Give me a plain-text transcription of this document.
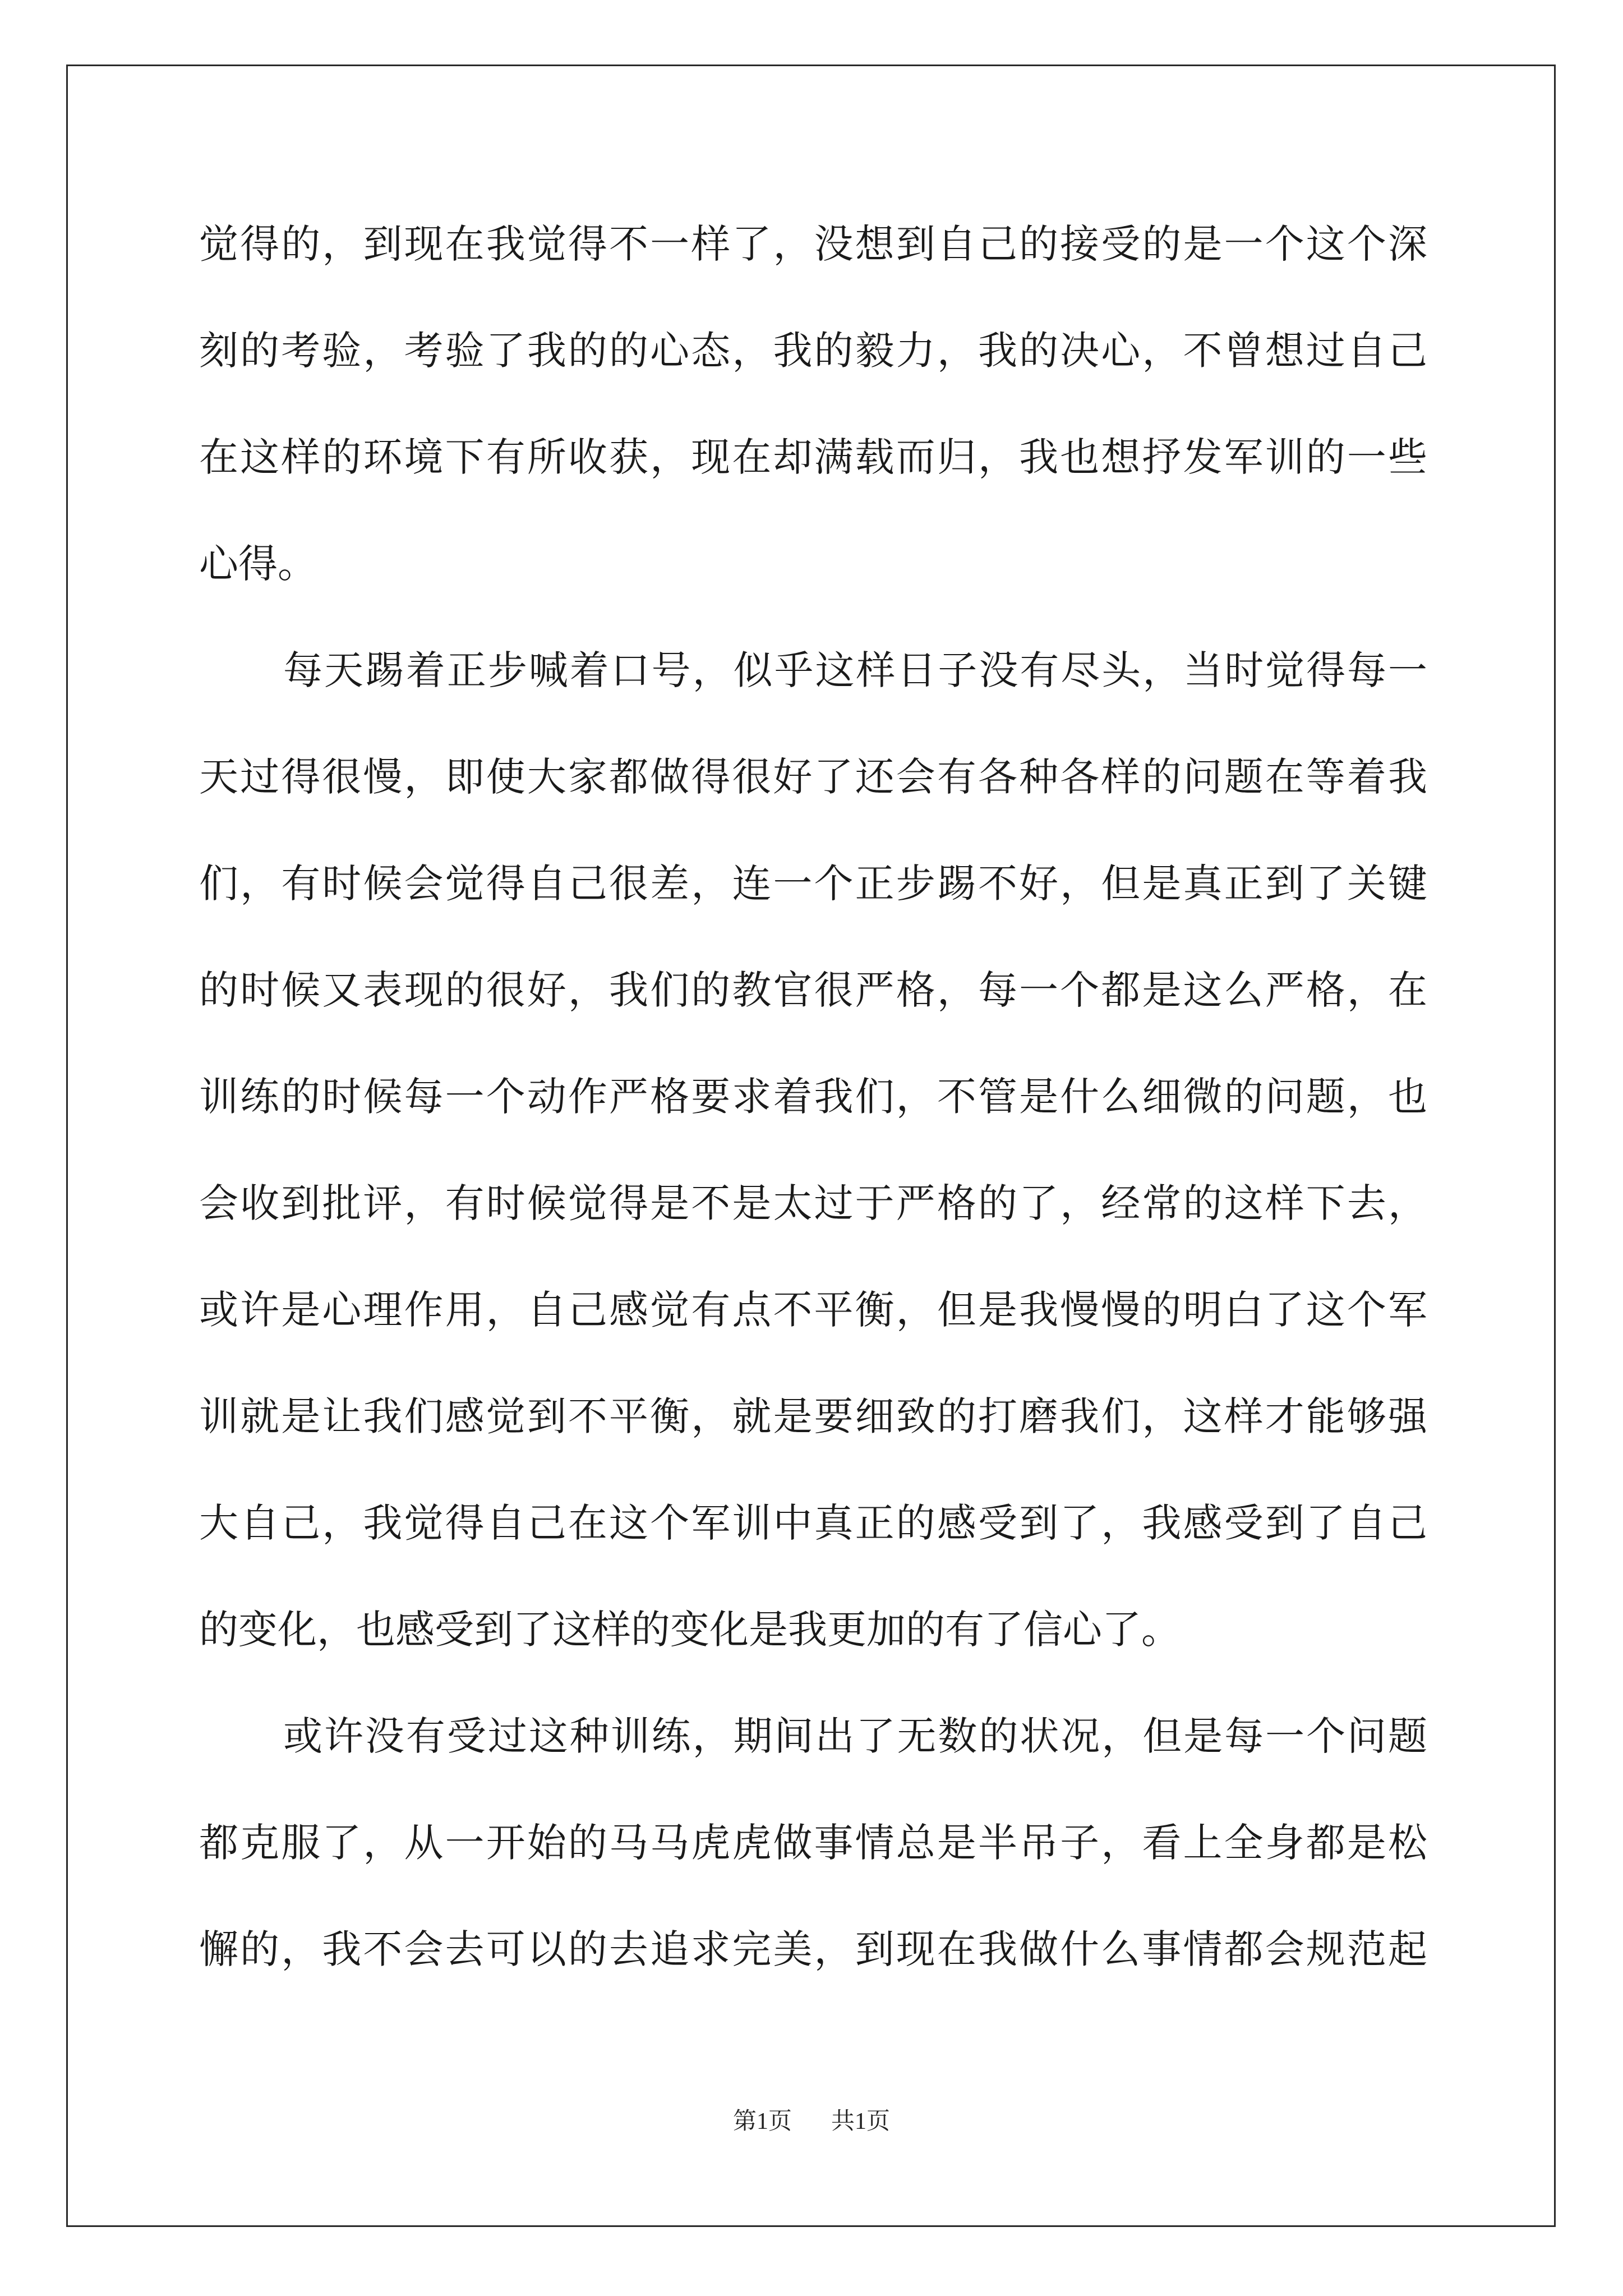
觉得的，到现在我觉得不一样了，没想到自己的接受的是一个这个深
刻的考验，考验了我的的心态，我的毅力，我的决心，不曾想过自己
在这样的环境下有所收获，现在却满载而归，我也想抒发军训的一些
心得。
每天踢着正步喊着口号，似乎这样日子没有尽头，当时觉得每一
天过得很慢，即使大家都做得很好了还会有各种各样的问题在等着我
们，有时候会觉得自己很差，连一个正步踢不好，但是真正到了关键
的时候又表现的很好，我们的教官很严格，每一个都是这么严格，在
训练的时候每一个动作严格要求着我们，不管是什么细微的问题，也
会收到批评，有时候觉得是不是太过于严格的了，经常的这样下去，
或许是心理作用，自己感觉有点不平衡，但是我慢慢的明白了这个军
训就是让我们感觉到不平衡，就是要细致的打磨我们，这样才能够强
大自己，我觉得自己在这个军训中真正的感受到了，我感受到了自己
的变化，也感受到了这样的变化是我更加的有了信心了。
或许没有受过这种训练，期间出了无数的状况，但是每一个问题
都克服了，从一开始的马马虎虎做事情总是半吊子，看上全身都是松
懈的，我不会去可以的去追求完美，到现在我做什么事情都会规范起
第1页 共1页
